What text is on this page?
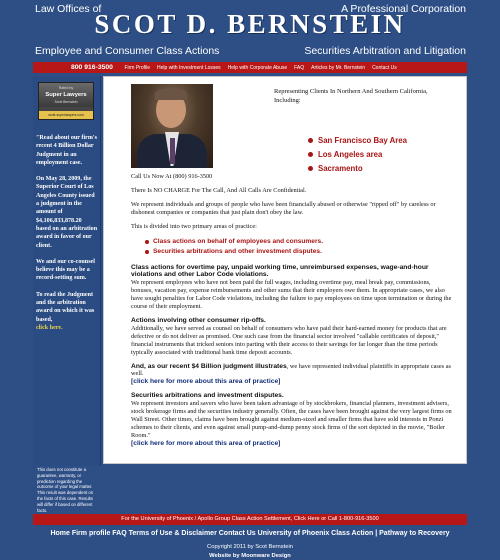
Law Offices of	A Professional Corporation
SCOT D. BERNSTEIN
Employee and Consumer Class Actions	Securities Arbitration and Litigation
800 916-3500	Firm Profile	Help with Investment Losses	Help with Corporate Abuse	FAQ	Articles by Mr. Bernstein	Contact Us
Rated by
Super Lawyers
Scott Bernstein
scott-superlawyers.com

"Read about our firm's recent 4 Billion Dollar Judgment in an employment case.

On May 28, 2009, the Superior Court of Los Angeles County issued a judgment in the amount of $4,106,833,878.20 based on an arbitration award in favor of our client.

We and our co-counsel believe this may be a record-setting sum.

To read the Judgment and the arbitration award on which it was based,
click here.

This does not constitute a guarantee, warranty, or prediction regarding the outcome of your legal matter. This result was dependent on the facts of this case. Results will differ if based on different facts.
Representing Clients In Northern And Southern California, Including:
San Francisco Bay Area
Los Angeles area
Sacramento

Call Us Now At (800) 916-3500

There Is NO CHARGE For The Call, And All Calls Are Confidential.

We represent individuals and groups of people who have been financially abused or otherwise "ripped off" by careless or dishonest companies or companies that just plain don't obey the law.

This is divided into two primary areas of practice:

Class actions on behalf of employees and consumers.
Securities arbitrations and other investment disputes.

Class actions for overtime pay, unpaid working time, unreimbursed expenses, wage-and-hour violations and other Labor Code violations.
We represent employees who have not been paid the full wages, including overtime pay, meal break pay, commissions, bonuses, vacation pay, expense reimbursements and other sums that their employers owe them. In appropriate cases, we also have sought penalties for Labor Code violations, including the failure to pay employees on time upon termination or during the course of their employment.

Actions involving other consumer rip-offs.
Additionally, we have served as counsel on behalf of consumers who have paid their hard-earned money for products that are defective or do not deliver as promised. One such case from the financial sector involved "callable certificates of deposit," financial instruments that tricked seniors into parting with their access to their savings for far longer than the time periods typically associated with traditional bank time deposit accounts.

And, as our recent $4 Billion judgment illustrates, we have represented individual plaintiffs in appropriate cases as well.
[click here for more about this area of practice]

Securities arbitrations and investment disputes.
We represent investors and savers who have been taken advantage of by stockbrokers, financial planners, investment advisers, stock brokerage firms and the securities industry generally. Often, the cases have been brought against the very largest firms on Wall Street. Other times, claims have been brought against medium-sized and smaller firms that have sold interests in Ponzi schemes to their clients, and even against small pump-and-dump penny stock firms of the sort depicted in the movie, "Boiler Room."
[click here for more about this area of practice]

For the University of Phoenix / Apollo Group Class Action Settlement, Click Here or Call 1-800-916-3500
Home Firm profile FAQ Terms of Use & Disclaimer Contact Us University of Phoenix Class Action | Pathway to Recovery
Copyright 2011 by Scot Bernstein
Website by Moonware Design
